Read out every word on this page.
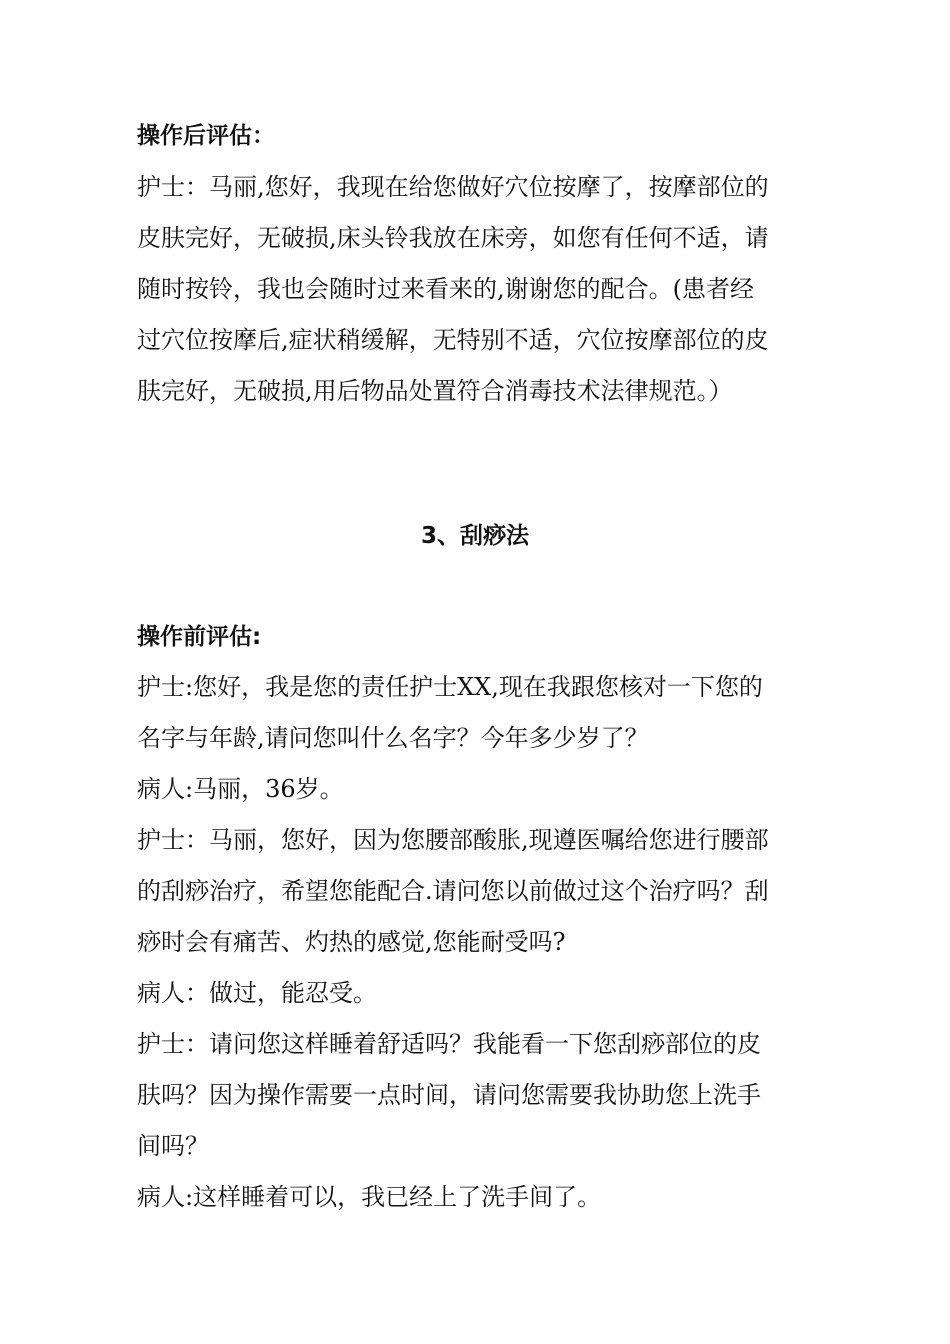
操作后评估：
护士：马丽,您好，我现在给您做好穴位按摩了，按摩部位的
皮肤完好，无破损,床头铃我放在床旁，如您有任何不适，请
随时按铃，我也会随时过来看来的,谢谢您的配合。(患者经
过穴位按摩后,症状稍缓解，无特别不适，穴位按摩部位的皮
肤完好，无破损,用后物品处置符合消毒技术法律规范。）
3、刮痧法
操作前评估:
护士:您好，我是您的责任护士XX,现在我跟您核对一下您的
名字与年龄,请问您叫什么名字？今年多少岁了？
病人:马丽，36岁。
护士：马丽，您好，因为您腰部酸胀,现遵医嘱给您进行腰部
的刮痧治疗，希望您能配合.请问您以前做过这个治疗吗？刮
痧时会有痛苦、灼热的感觉,您能耐受吗?
病人：做过，能忍受。
护士：请问您这样睡着舒适吗？我能看一下您刮痧部位的皮
肤吗？因为操作需要一点时间，请问您需要我协助您上洗手
间吗？
病人:这样睡着可以，我已经上了洗手间了。
